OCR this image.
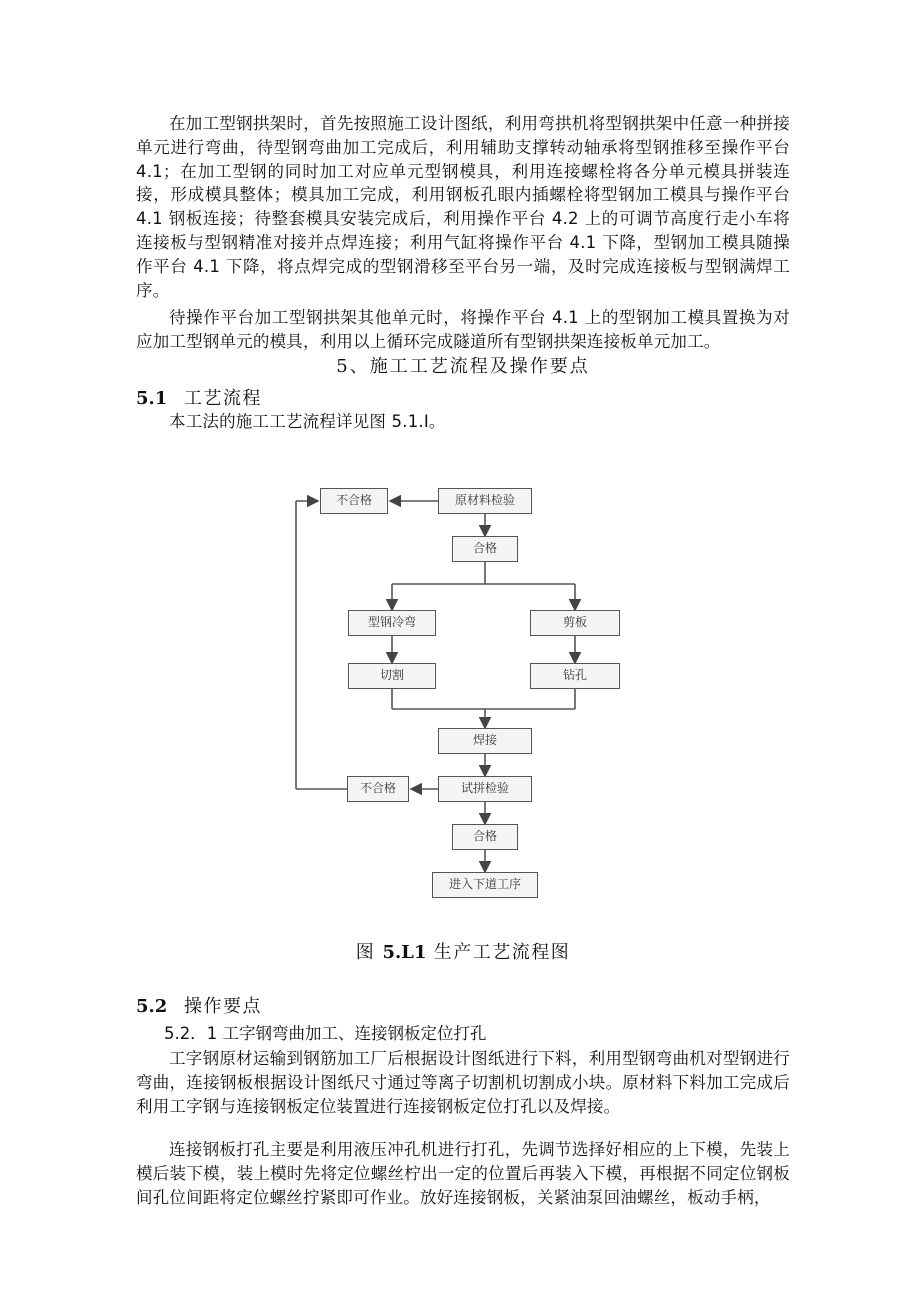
在加工型钢拱架时，首先按照施工设计图纸，利用弯拱机将型钢拱架中任意一种拼接单元进行弯曲，待型钢弯曲加工完成后，利用辅助支撑转动轴承将型钢推移至操作平台 4.1；在加工型钢的同时加工对应单元型钢模具，利用连接螺栓将各分单元模具拼装连接，形成模具整体；模具加工完成，利用钢板孔眼内插螺栓将型钢加工模具与操作平台 4.1 钢板连接；待整套模具安装完成后，利用操作平台 4.2 上的可调节高度行走小车将连接板与型钢精准对接并点焊连接；利用气缸将操作平台 4.1 下降，型钢加工模具随操作平台 4.1 下降，将点焊完成的型钢滑移至平台另一端，及时完成连接板与型钢满焊工序。

待操作平台加工型钢拱架其他单元时，将操作平台 4.1 上的型钢加工模具置换为对应加工型钢单元的模具，利用以上循环完成隧道所有型钢拱架连接板单元加工。

5、施工工艺流程及操作要点
5.1 工艺流程

本工法的施工工艺流程详见图 5.1.I。

不合格	原材料检验
合格
型钢冷弯	剪板
切割	钻孔
焊接
不合格	试拼检验
合格
进入下道工序
图 5.L1 生产工艺流程图
5.2 操作要点
5.2．1 工字钢弯曲加工、连接钢板定位打孔

工字钢原材运输到钢筋加工厂后根据设计图纸进行下料，利用型钢弯曲机对型钢进行弯曲，连接钢板根据设计图纸尺寸通过等离子切割机切割成小块。原材料下料加工完成后利用工字钢与连接钢板定位装置进行连接钢板定位打孔以及焊接。

连接钢板打孔主要是利用液压冲孔机进行打孔，先调节选择好相应的上下模，先装上模后装下模，装上模时先将定位螺丝柠出一定的位置后再装入下模，再根据不同定位钢板间孔位间距将定位螺丝拧紧即可作业。放好连接钢板，关紧油泵回油螺丝，板动手柄，
